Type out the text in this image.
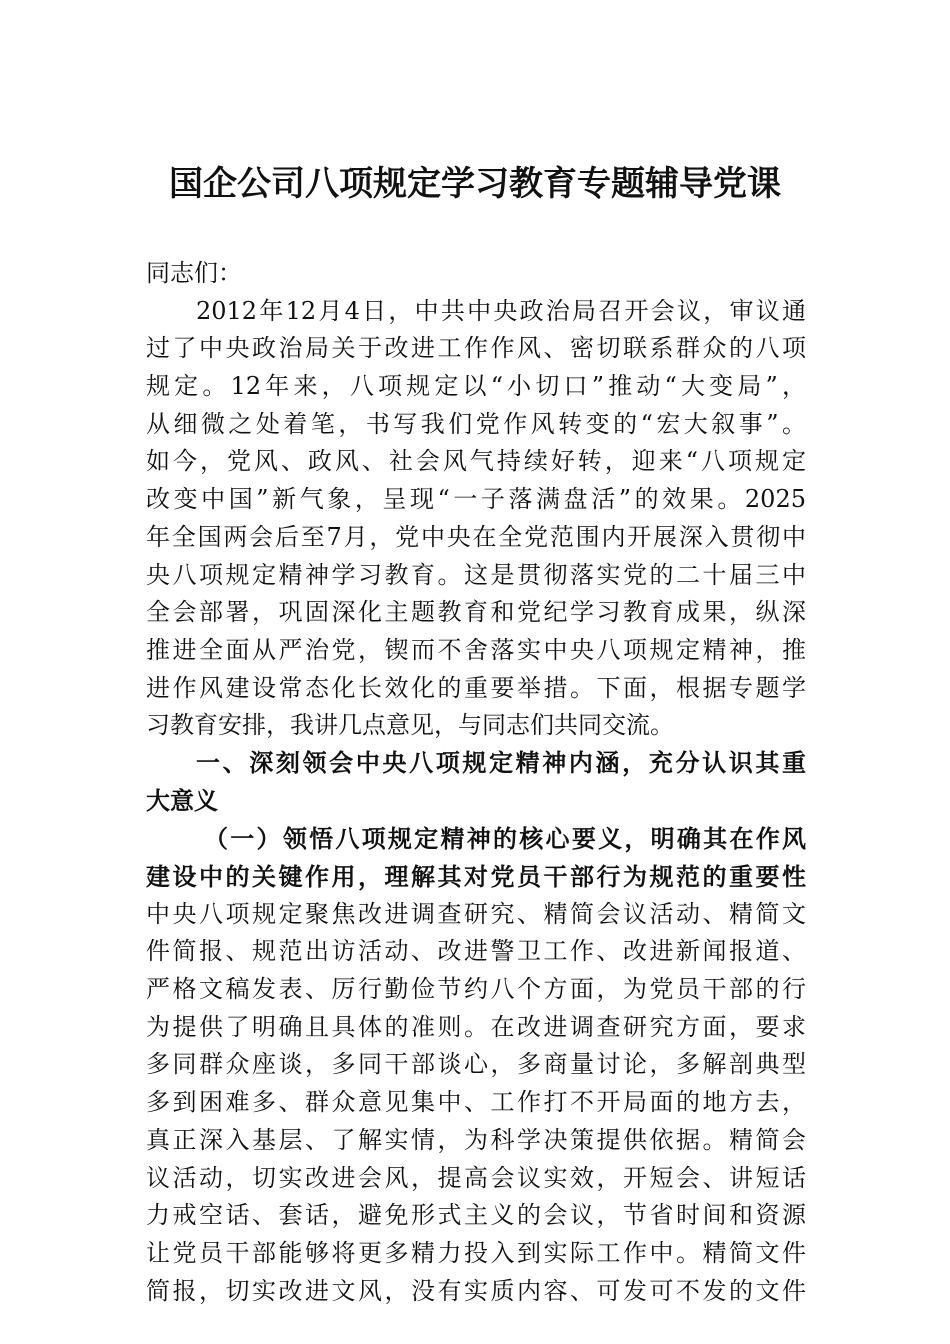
国企公司八项规定学习教育专题辅导党课
同志们：
2012年12月4日，中共中央政治局召开会议，审议通
过了中央政治局关于改进工作作风、密切联系群众的八项
规定。12年来，八项规定以“小切口”推动“大变局”，
从细微之处着笔，书写我们党作风转变的“宏大叙事”。
如今，党风、政风、社会风气持续好转，迎来“八项规定
改变中国”新气象，呈现“一子落满盘活”的效果。2025
年全国两会后至7月，党中央在全党范围内开展深入贯彻中
央八项规定精神学习教育。这是贯彻落实党的二十届三中
全会部署，巩固深化主题教育和党纪学习教育成果，纵深
推进全面从严治党，锲而不舍落实中央八项规定精神，推
进作风建设常态化长效化的重要举措。下面，根据专题学
习教育安排，我讲几点意见，与同志们共同交流。
一、深刻领会中央八项规定精神内涵，充分认识其重
大意义
（一）领悟八项规定精神的核心要义，明确其在作风
建设中的关键作用，理解其对党员干部行为规范的重要性
中央八项规定聚焦改进调查研究、精简会议活动、精简文
件简报、规范出访活动、改进警卫工作、改进新闻报道、
严格文稿发表、厉行勤俭节约八个方面，为党员干部的行
为提供了明确且具体的准则。在改进调查研究方面，要求
多同群众座谈，多同干部谈心，多商量讨论，多解剖典型
多到困难多、群众意见集中、工作打不开局面的地方去，
真正深入基层、了解实情，为科学决策提供依据。精简会
议活动，切实改进会风，提高会议实效，开短会、讲短话
力戒空话、套话，避免形式主义的会议，节省时间和资源
让党员干部能够将更多精力投入到实际工作中。精简文件
简报，切实改进文风，没有实质内容、可发可不发的文件
